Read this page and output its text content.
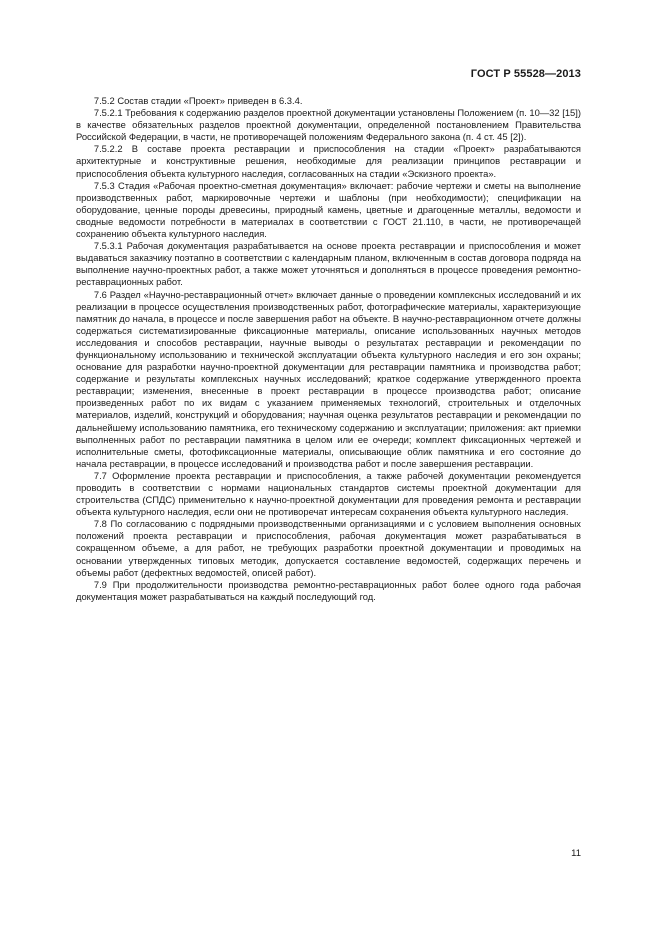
ГОСТ Р 55528—2013

7.5.2 Состав стадии «Проект» приведен в 6.3.4.

7.5.2.1 Требования к содержанию разделов проектной документации установлены Положением (п. 10—32 [15]) в качестве обязательных разделов проектной документации, определенной постановлением Правительства Российской Федерации, в части, не противоречащей положениям Федерального закона (п. 4 ст. 45 [2]).

7.5.2.2 В составе проекта реставрации и приспособления на стадии «Проект» разрабатываются архитектурные и конструктивные решения, необходимые для реализации принципов реставрации и приспособления объекта культурного наследия, согласованных на стадии «Эскизного проекта».

7.5.3 Стадия «Рабочая проектно-сметная документация» включает: рабочие чертежи и сметы на выполнение производственных работ, маркировочные чертежи и шаблоны (при необходимости); спецификации на оборудование, ценные породы древесины, природный камень, цветные и драгоценные металлы, ведомости и сводные ведомости потребности в материалах в соответствии с ГОСТ 21.110, в части, не противоречащей сохранению объекта культурного наследия.

7.5.3.1 Рабочая документация разрабатывается на основе проекта реставрации и приспособления и может выдаваться заказчику поэтапно в соответствии с календарным планом, включенным в состав договора подряда на выполнение научно-проектных работ, а также может уточняться и дополняться в процессе проведения ремонтно-реставрационных работ.

7.6 Раздел «Научно-реставрационный отчет» включает данные о проведении комплексных исследований и их реализации в процессе осуществления производственных работ, фотографические материалы, характеризующие памятник до начала, в процессе и после завершения работ на объекте. В научно-реставрационном отчете должны содержаться систематизированные фиксационные материалы, описание использованных научных методов исследования и способов реставрации, научные выводы о результатах реставрации и рекомендации по функциональному использованию и технической эксплуатации объекта культурного наследия и его зон охраны; основание для разработки научно-проектной документации для реставрации памятника и производства работ; содержание и результаты комплексных научных исследований; краткое содержание утвержденного проекта реставрации; изменения, внесенные в проект реставрации в процессе производства работ; описание произведенных работ по их видам с указанием применяемых технологий, строительных и отделочных материалов, изделий, конструкций и оборудования; научная оценка результатов реставрации и рекомендации по дальнейшему использованию памятника, его техническому содержанию и эксплуатации; приложения: акт приемки выполненных работ по реставрации памятника в целом или ее очереди; комплект фиксационных чертежей и исполнительные сметы, фотофиксационные материалы, описывающие облик памятника и его состояние до начала реставрации, в процессе исследований и производства работ и после завершения реставрации.

7.7 Оформление проекта реставрации и приспособления, а также рабочей документации рекомендуется проводить в соответствии с нормами национальных стандартов системы проектной документации для строительства (СПДС) применительно к научно-проектной документации для проведения ремонта и реставрации объекта культурного наследия, если они не противоречат интересам сохранения объекта культурного наследия.

7.8 По согласованию с подрядными производственными организациями и с условием выполнения основных положений проекта реставрации и приспособления, рабочая документация может разрабатываться в сокращенном объеме, а для работ, не требующих разработки проектной документации и проводимых на основании утвержденных типовых методик, допускается составление ведомостей, содержащих перечень и объемы работ (дефектных ведомостей, описей работ).

7.9 При продолжительности производства ремонтно-реставрационных работ более одного года рабочая документация может разрабатываться на каждый последующий год.

11
